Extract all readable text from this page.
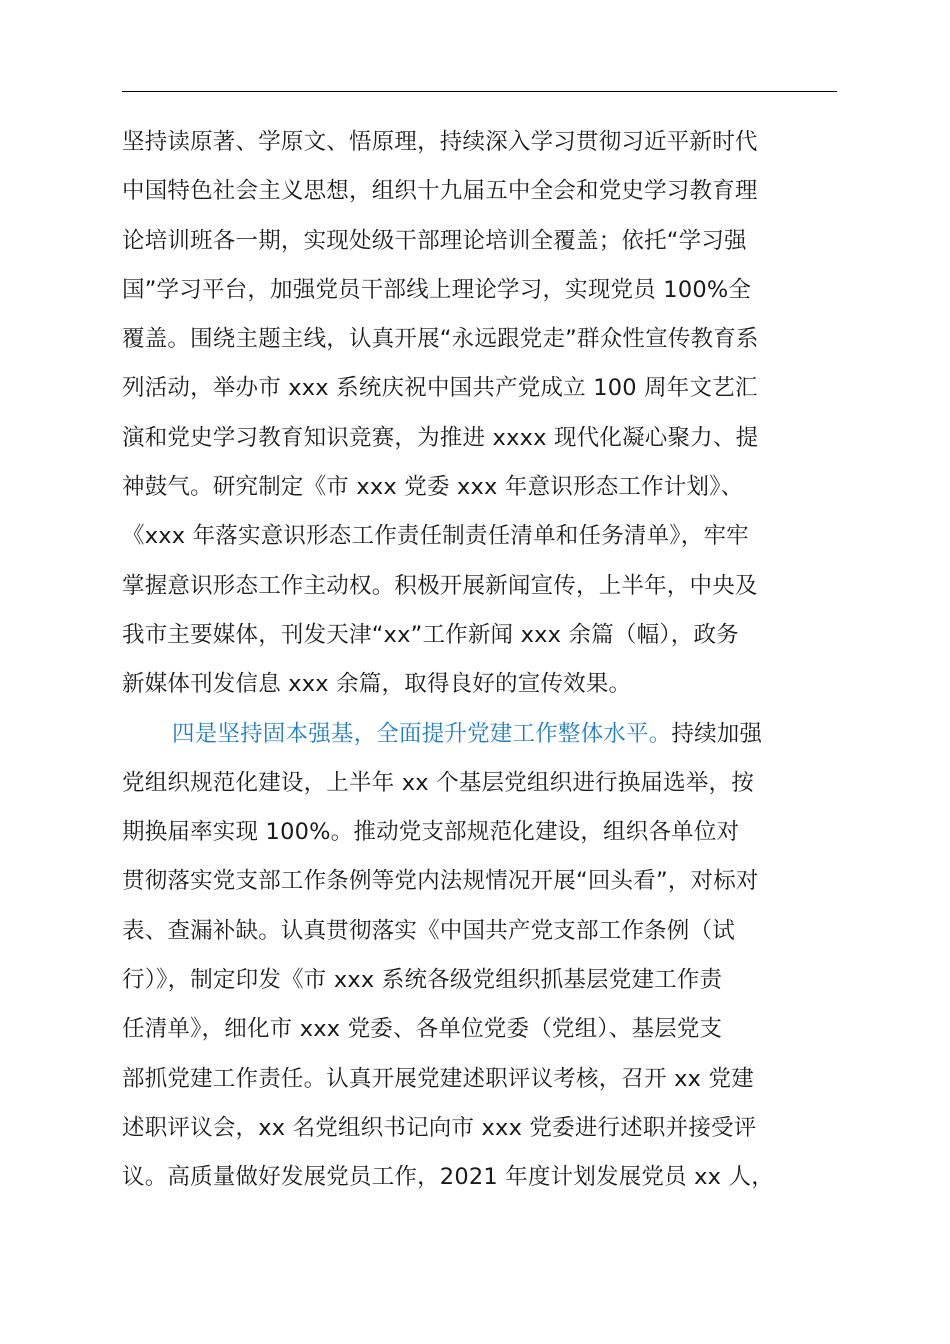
坚持读原著、学原文、悟原理，持续深入学习贯彻习近平新时代
中国特色社会主义思想，组织十九届五中全会和党史学习教育理
论培训班各一期，实现处级干部理论培训全覆盖；依托“学习强
国”学习平台，加强党员干部线上理论学习，实现党员 100%全
覆盖。围绕主题主线，认真开展“永远跟党走”群众性宣传教育系
列活动，举办市 xxx 系统庆祝中国共产党成立 100 周年文艺汇
演和党史学习教育知识竞赛，为推进 xxxx 现代化凝心聚力、提
神鼓气。研究制定《市 xxx 党委 xxx 年意识形态工作计划》、
《xxx 年落实意识形态工作责任制责任清单和任务清单》，牢牢
掌握意识形态工作主动权。积极开展新闻宣传，上半年，中央及
我市主要媒体，刊发天津“xx”工作新闻 xxx 余篇（幅），政务
新媒体刊发信息 xxx 余篇，取得良好的宣传效果。
四是坚持固本强基，全面提升党建工作整体水平。持续加强
党组织规范化建设，上半年 xx 个基层党组织进行换届选举，按
期换届率实现 100%。推动党支部规范化建设，组织各单位对
贯彻落实党支部工作条例等党内法规情况开展“回头看”，对标对
表、查漏补缺。认真贯彻落实《中国共产党支部工作条例（试
行）》，制定印发《市 xxx 系统各级党组织抓基层党建工作责
任清单》，细化市 xxx 党委、各单位党委（党组）、基层党支
部抓党建工作责任。认真开展党建述职评议考核，召开 xx 党建
述职评议会，xx 名党组织书记向市 xxx 党委进行述职并接受评
议。高质量做好发展党员工作，2021 年度计划发展党员 xx 人，
